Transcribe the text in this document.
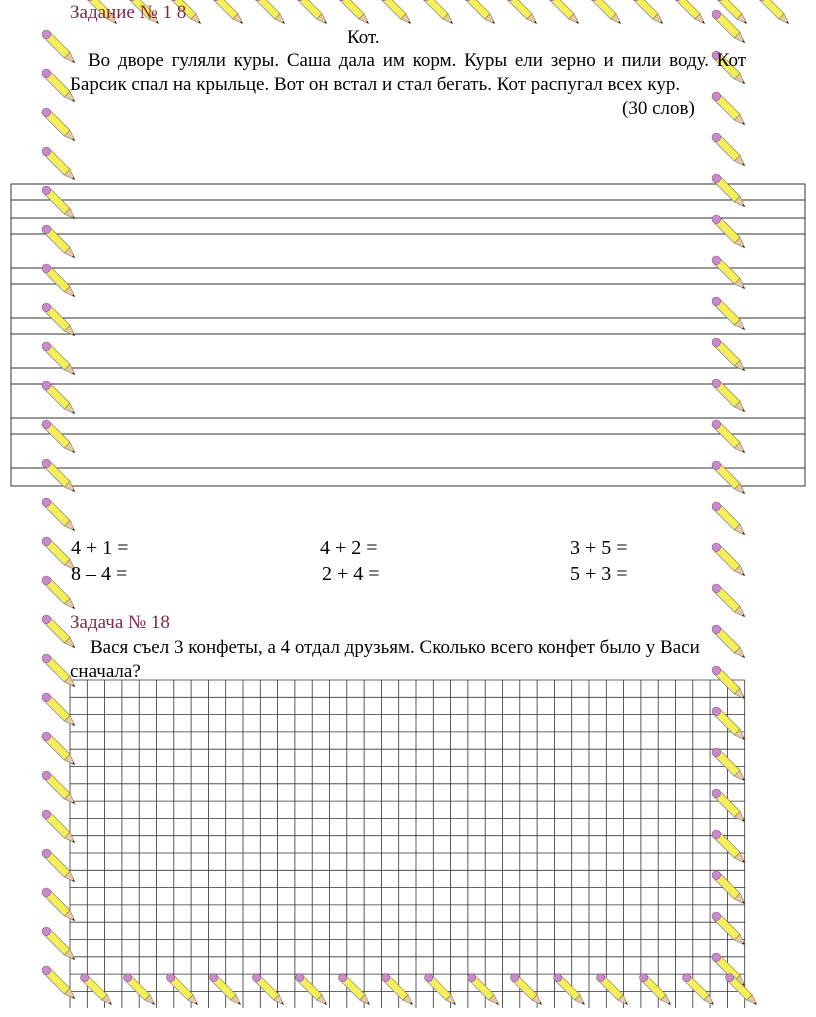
Задание № 1 8
Кот.
Во дворе гуляли куры. Саша дала им корм. Куры ели зерно и пили воду. Кот Барсик спал на крыльце. Вот он встал и стал бегать. Кот распугал всех кур.
(30 слов)
4 + 1 =	4 + 2 =	3 + 5 =
8 – 4 =	2 + 4 =	5 + 3 =
Задача № 18
Вася съел 3 конфеты, а 4 отдал друзьям. Сколько всего конфет было у Васи сначала?
